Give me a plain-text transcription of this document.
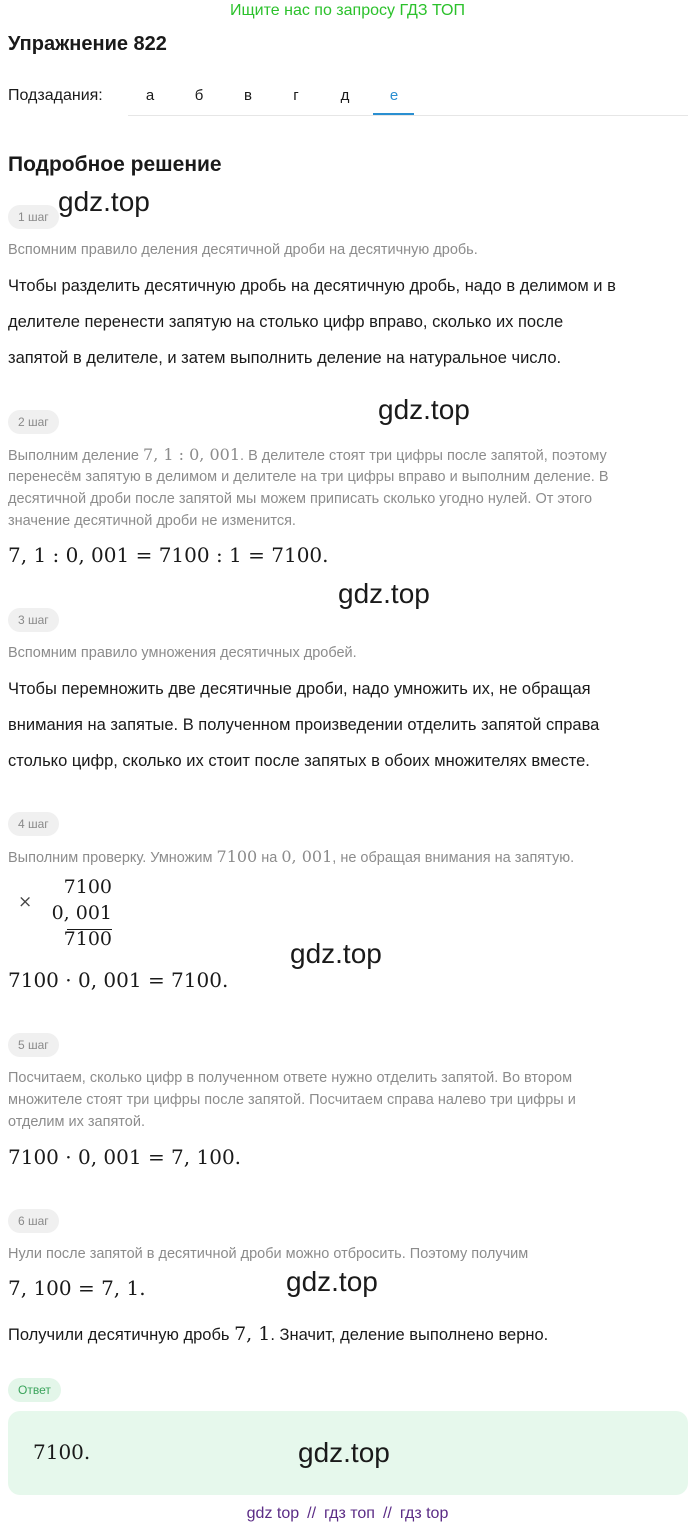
Ищите нас по запросу ГДЗ ТОП
Упражнение 822
Подзадания:	а	б	в	г	д	е
Подробное решение
1 шаг gdz.top
Вспомним правило деления десятичной дроби на десятичную дробь.
Чтобы разделить десятичную дробь на десятичную дробь, надо в делимом и в
делителе перенести запятую на столько цифр вправо, сколько их после
запятой в делителе, и затем выполнить деление на натуральное число.
2 шаг	gdz.top
Выполним деление 7, 1 : 0, 001. В делителе стоят три цифры после запятой, поэтому
перенесём запятую в делимом и делителе на три цифры вправо и выполним деление. В
десятичной дроби после запятой мы можем приписать сколько угодно нулей. От этого
значение десятичной дроби не изменится.
7, 1 : 0, 001 = 7100 : 1 = 7100.
gdz.top
3 шаг
Вспомним правило умножения десятичных дробей.
Чтобы перемножить две десятичные дроби, надо умножить их, не обращая
внимания на запятые. В полученном произведении отделить запятой справа
столько цифр, сколько их стоит после запятых в обоих множителях вместе.
4 шаг
Выполним проверку. Умножим 7100 на 0, 001, не обращая внимания на запятую.
×
7100
0, 001
7100	gdz.top
7100 · 0, 001 = 7100.
5 шаг
Посчитаем, сколько цифр в полученном ответе нужно отделить запятой. Во втором
множителе стоят три цифры после запятой. Посчитаем справа налево три цифры и
отделим их запятой.
7100 · 0, 001 = 7, 100.
6 шаг
Нули после запятой в десятичной дроби можно отбросить. Поэтому получим
7, 100 = 7, 1.	gdz.top
Получили десятичную дробь 7, 1. Значит, деление выполнено верно.
Ответ
7100.	gdz.top
gdz top // гдз топ // гдз top
